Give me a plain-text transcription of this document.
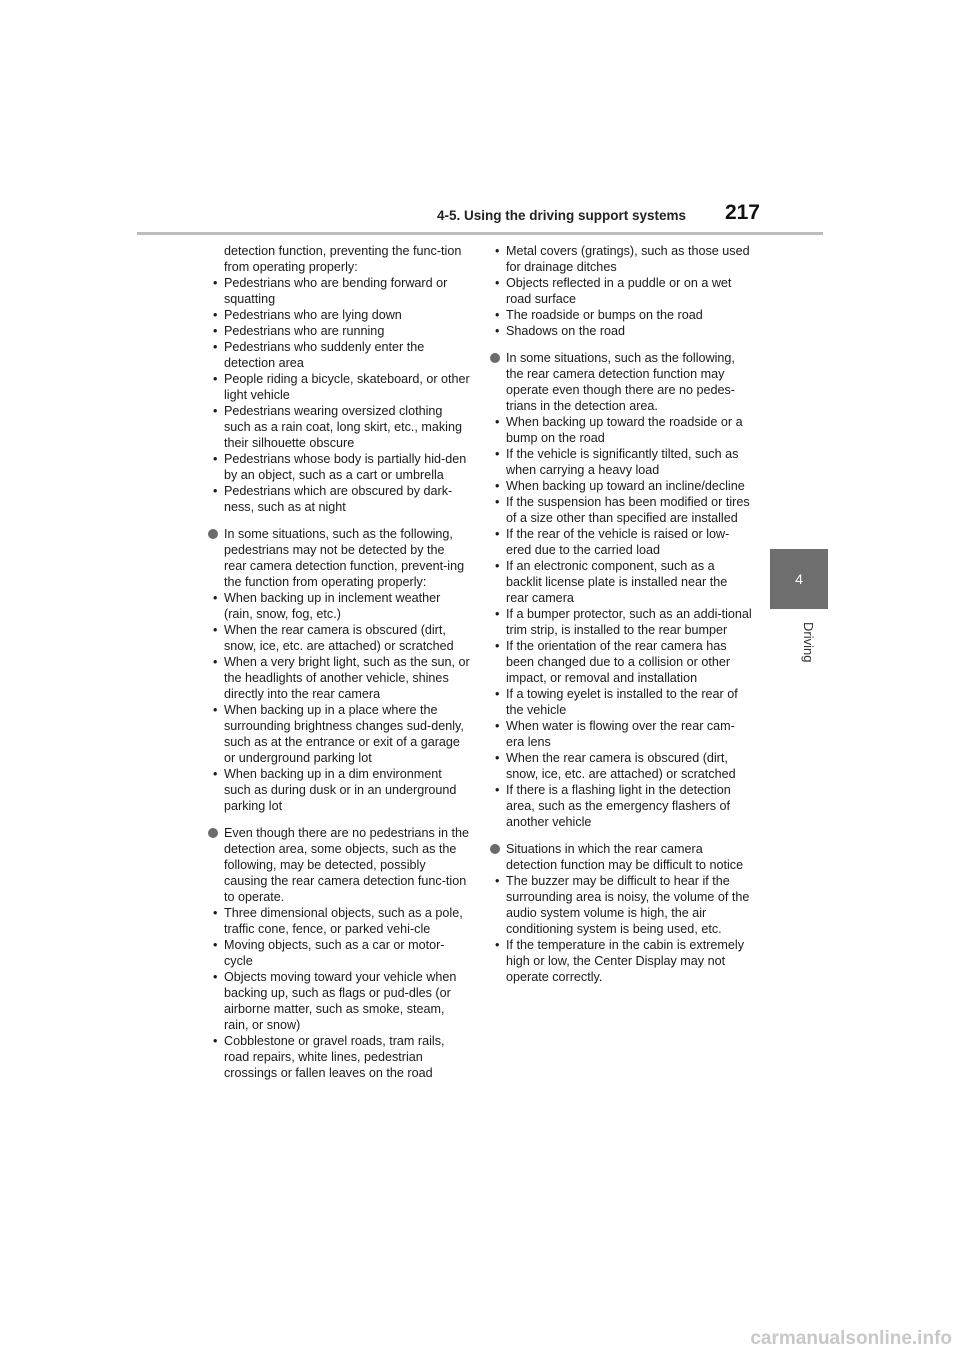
4-5. Using the driving support systems 217
4
Driving
detection function, preventing the func-tion from operating properly:
• Pedestrians who are bending forward or squatting
• Pedestrians who are lying down
• Pedestrians who are running
• Pedestrians who suddenly enter the detection area
• People riding a bicycle, skateboard, or other light vehicle
• Pedestrians wearing oversized clothing such as a rain coat, long skirt, etc., making their silhouette obscure
• Pedestrians whose body is partially hid-den by an object, such as a cart or umbrella
• Pedestrians which are obscured by dark-ness, such as at night
In some situations, such as the following, pedestrians may not be detected by the rear camera detection function, prevent-ing the function from operating properly:
• When backing up in inclement weather (rain, snow, fog, etc.)
• When the rear camera is obscured (dirt, snow, ice, etc. are attached) or scratched
• When a very bright light, such as the sun, or the headlights of another vehicle, shines directly into the rear camera
• When backing up in a place where the surrounding brightness changes sud-denly, such as at the entrance or exit of a garage or underground parking lot
• When backing up in a dim environment such as during dusk or in an underground parking lot
Even though there are no pedestrians in the detection area, some objects, such as the following, may be detected, possibly causing the rear camera detection func-tion to operate.
• Three dimensional objects, such as a pole, traffic cone, fence, or parked vehi-cle
• Moving objects, such as a car or motor-cycle
• Objects moving toward your vehicle when backing up, such as flags or pud-dles (or airborne matter, such as smoke, steam, rain, or snow)
• Cobblestone or gravel roads, tram rails, road repairs, white lines, pedestrian crossings or fallen leaves on the road
• Metal covers (gratings), such as those used for drainage ditches
• Objects reflected in a puddle or on a wet road surface
• The roadside or bumps on the road
• Shadows on the road
In some situations, such as the following, the rear camera detection function may operate even though there are no pedes-trians in the detection area.
• When backing up toward the roadside or a bump on the road
• If the vehicle is significantly tilted, such as when carrying a heavy load
• When backing up toward an incline/decline
• If the suspension has been modified or tires of a size other than specified are installed
• If the rear of the vehicle is raised or low-ered due to the carried load
• If an electronic component, such as a backlit license plate is installed near the rear camera
• If a bumper protector, such as an addi-tional trim strip, is installed to the rear bumper
• If the orientation of the rear camera has been changed due to a collision or other impact, or removal and installation
• If a towing eyelet is installed to the rear of the vehicle
• When water is flowing over the rear cam-era lens
• When the rear camera is obscured (dirt, snow, ice, etc. are attached) or scratched
• If there is a flashing light in the detection area, such as the emergency flashers of another vehicle
Situations in which the rear camera detection function may be difficult to notice
• The buzzer may be difficult to hear if the surrounding area is noisy, the volume of the audio system volume is high, the air conditioning system is being used, etc.
• If the temperature in the cabin is extremely high or low, the Center Display may not operate correctly.
carmanualsonline.info
